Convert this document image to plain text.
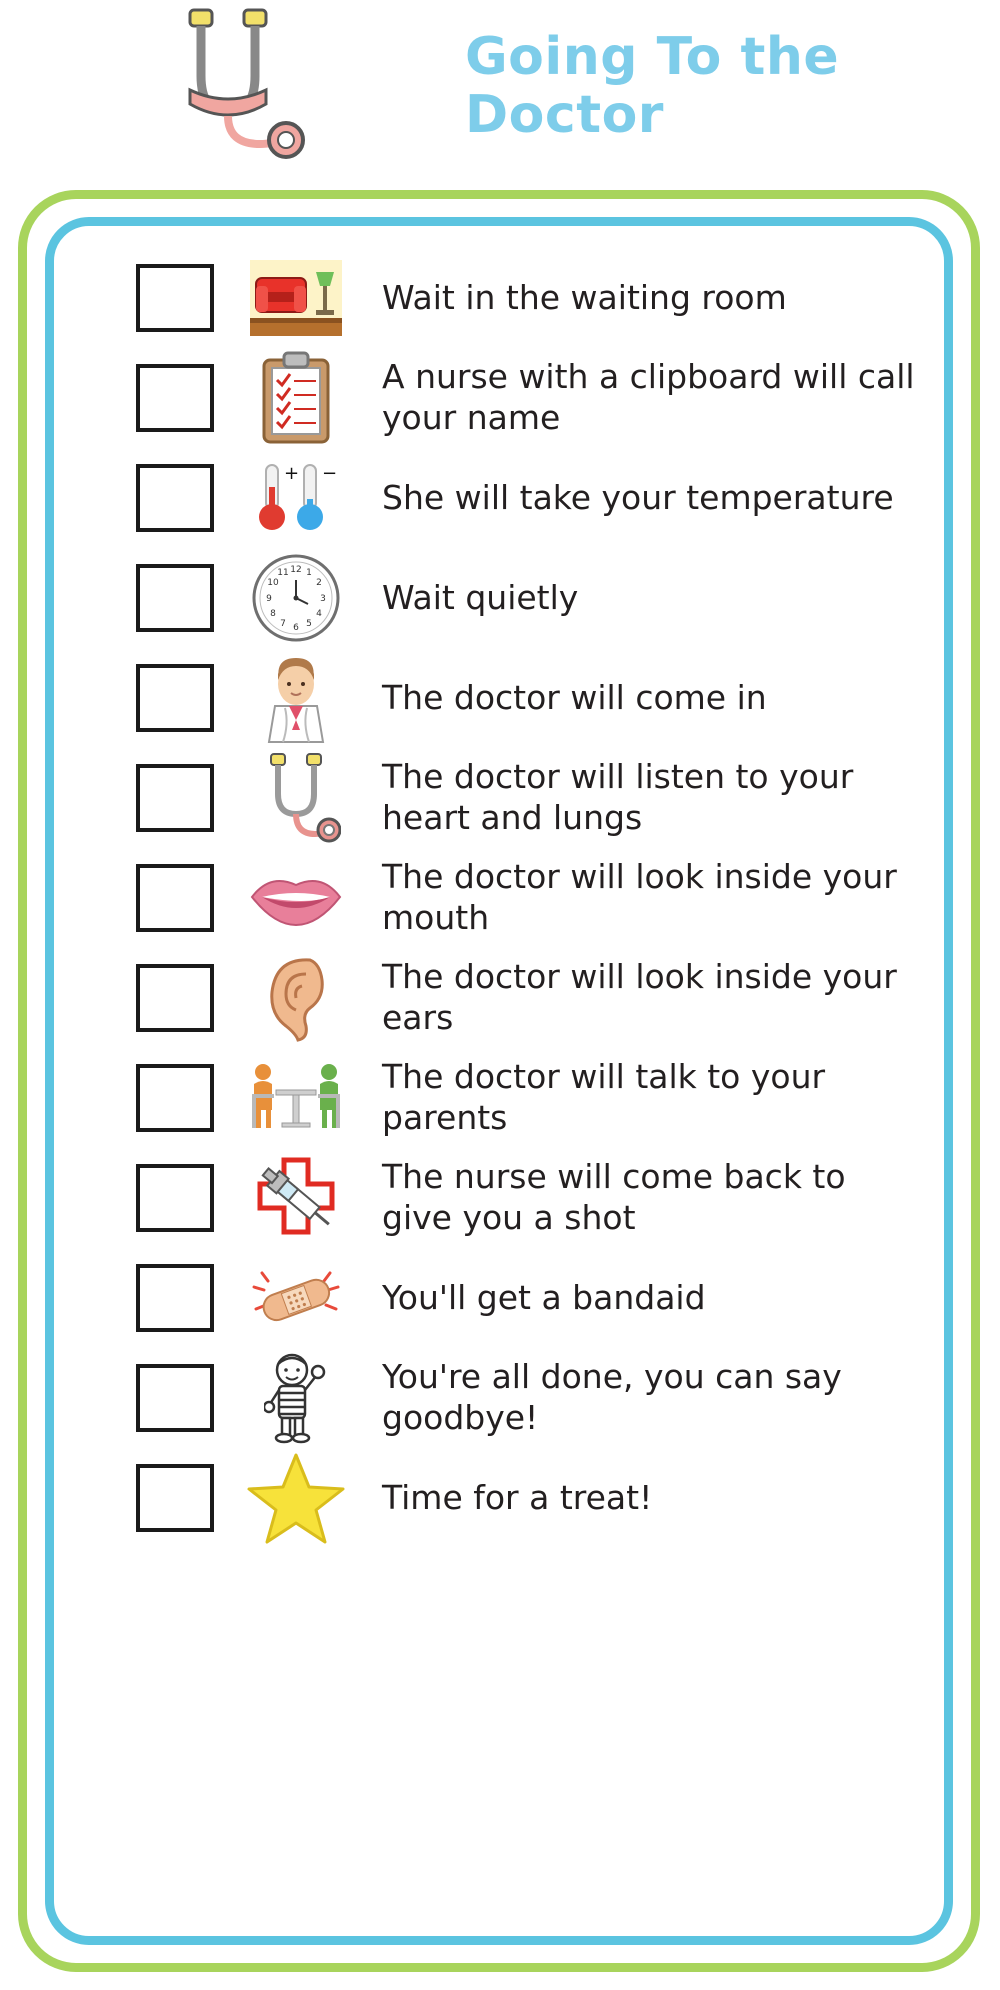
Going To the Doctor
Wait in the waiting room
A nurse with a clipboard will call your name
+ −
She will take your temperature
12 1
2
3
4
5
6
7
8
9
10
11
Wait quietly
The doctor will come in
The doctor will listen to your heart and lungs
The doctor will look inside your mouth
The doctor will look inside your ears
The doctor will talk to your parents
The nurse will come back to give you a shot
You'll get a bandaid
You're all done, you can say goodbye!
Time for a treat!
